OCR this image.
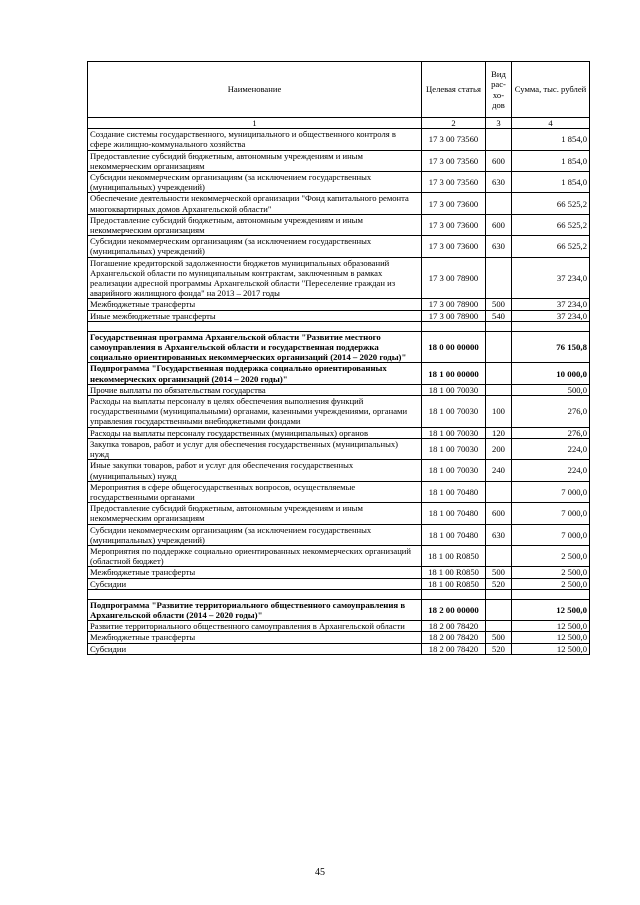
Наименование	Целевая статья	Вид рас-хо-дов	Сумма, тыс. рублей
1	2	3	4
Создание системы государственного, муниципального и общественного контроля в сфере жилищно-коммунального хозяйства	17 3 00 73560		1 854,0
Предоставление субсидий бюджетным, автономным учреждениям и иным некоммерческим организациям	17 3 00 73560	600	1 854,0
Субсидии некоммерческим организациям (за исключением государственных (муниципальных) учреждений)	17 3 00 73560	630	1 854,0
Обеспечение деятельности некоммерческой организации "Фонд капитального ремонта многоквартирных домов Архангельской области"	17 3 00 73600		66 525,2
Предоставление субсидий бюджетным, автономным учреждениям и иным некоммерческим организациям	17 3 00 73600	600	66 525,2
Субсидии некоммерческим организациям (за исключением государственных (муниципальных) учреждений)	17 3 00 73600	630	66 525,2
Погашение кредиторской задолженности бюджетов муниципальных образований Архангельской области по муниципальным контрактам, заключенным в рамках реализации адресной программы Архангельской области "Переселение граждан из аварийного жилищного фонда" на 2013 – 2017 годы	17 3 00 78900		37 234,0
Межбюджетные трансферты	17 3 00 78900	500	37 234,0
Иные межбюджетные трансферты	17 3 00 78900	540	37 234,0

Государственная программа Архангельской области "Развитие местного самоуправления в Архангельской области и государственная поддержка социально ориентированных некоммерческих организаций (2014 – 2020 годы)"	18 0 00 00000		76 150,8
Подпрограмма "Государственная поддержка социально ориентированных некоммерческих организаций (2014 – 2020 годы)"	18 1 00 00000		10 000,0
Прочие выплаты по обязательствам государства	18 1 00 70030		500,0
Расходы на выплаты персоналу в целях обеспечения выполнения функций государственными (муниципальными) органами, казенными учреждениями, органами управления государственными внебюджетными фондами	18 1 00 70030	100	276,0
Расходы на выплаты персоналу государственных (муниципальных) органов	18 1 00 70030	120	276,0
Закупка товаров, работ и услуг для обеспечения государственных (муниципальных) нужд	18 1 00 70030	200	224,0
Иные закупки товаров, работ и услуг для обеспечения государственных (муниципальных) нужд	18 1 00 70030	240	224,0
Мероприятия в сфере общегосударственных вопросов, осуществляемые государственными органами	18 1 00 70480		7 000,0
Предоставление субсидий бюджетным, автономным учреждениям и иным некоммерческим организациям	18 1 00 70480	600	7 000,0
Субсидии некоммерческим организациям (за исключением государственных (муниципальных) учреждений)	18 1 00 70480	630	7 000,0
Мероприятия по поддержке социально ориентированных некоммерческих организаций (областной бюджет)	18 1 00 R0850		2 500,0
Межбюджетные трансферты	18 1 00 R0850	500	2 500,0
Субсидии	18 1 00 R0850	520	2 500,0

Подпрограмма "Развитие территориального общественного самоуправления в Архангельской области (2014 – 2020 годы)"	18 2 00 00000		12 500,0
Развитие территориального общественного самоуправления в Архангельской области	18 2 00 78420		12 500,0
Межбюджетные трансферты	18 2 00 78420	500	12 500,0
Субсидии	18 2 00 78420	520	12 500,0
45
